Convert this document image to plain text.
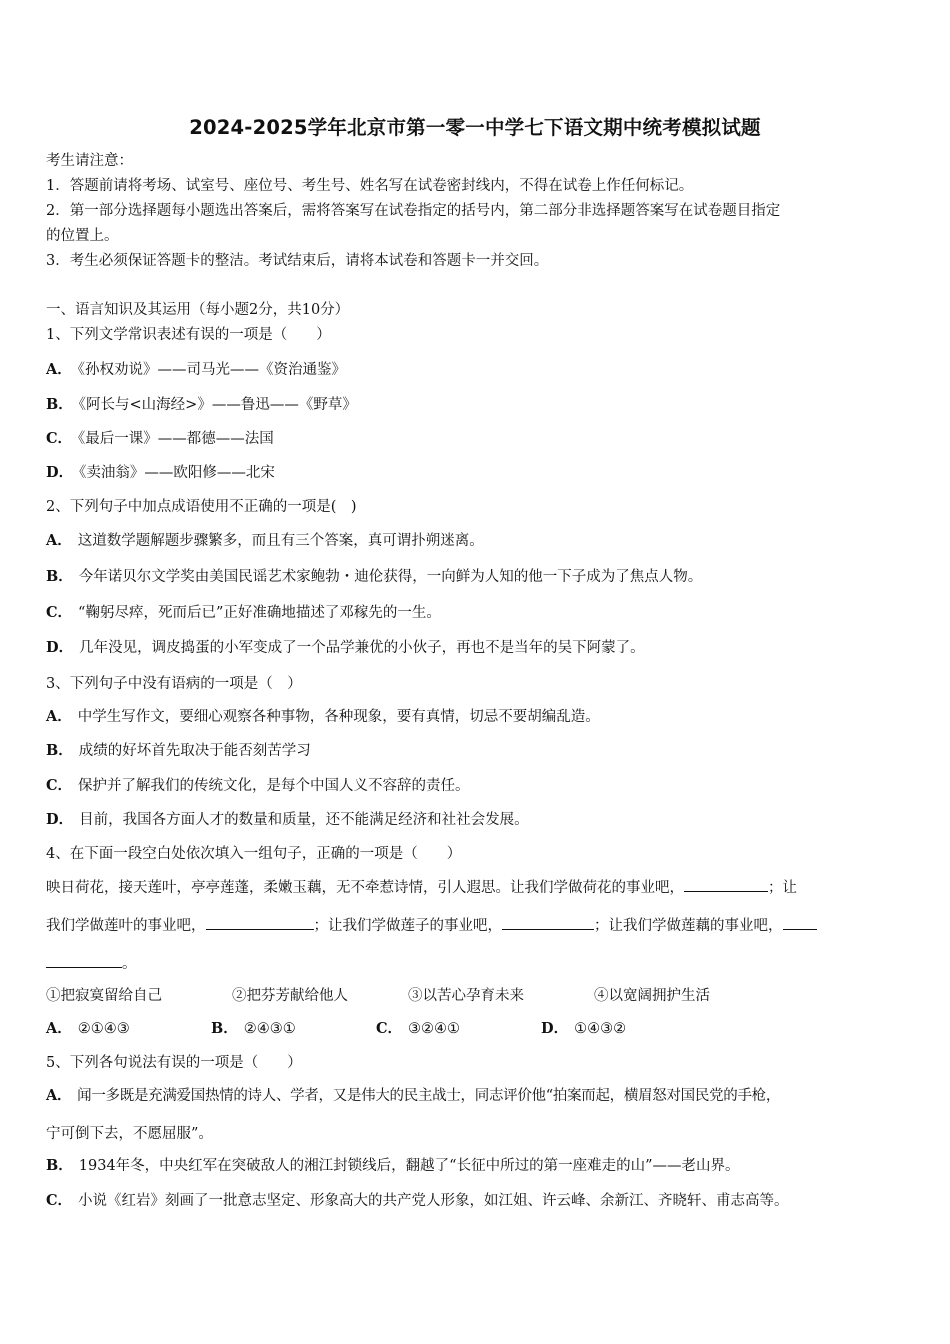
2024-2025学年北京市第一零一中学七下语文期中统考模拟试题
考生请注意：
1．答题前请将考场、试室号、座位号、考生号、姓名写在试卷密封线内，不得在试卷上作任何标记。
2．第一部分选择题每小题选出答案后，需将答案写在试卷指定的括号内，第二部分非选择题答案写在试卷题目指定
的位置上。
3．考生必须保证答题卡的整洁。考试结束后，请将本试卷和答题卡一并交回。
一、语言知识及其运用（每小题2分，共10分）
1、下列文学常识表述有误的一项是（　　）
A． 《孙权劝说》——司马光——《资治通鉴》
B． 《阿长与<山海经>》——鲁迅——《野草》
C． 《最后一课》——都德——法国
D． 《卖油翁》——欧阳修——北宋
2、下列句子中加点成语使用不正确的一项是(　)
A． 这道数学题解题步骤繁多，而且有三个答案，真可谓扑朔迷离。
B． 今年诺贝尔文学奖由美国民谣艺术家鲍勃・迪伦获得，一向鲜为人知的他一下子成为了焦点人物。
C． “鞠躬尽瘁，死而后已”正好准确地描述了邓稼先的一生。
D． 几年没见，调皮捣蛋的小军变成了一个品学兼优的小伙子，再也不是当年的吴下阿蒙了。
3、下列句子中没有语病的一项是（　）
A． 中学生写作文，要细心观察各种事物，各种现象，要有真情，切忌不要胡编乱造。
B． 成绩的好坏首先取决于能否刻苦学习
C． 保护并了解我们的传统文化，是每个中国人义不容辞的责任。
D． 目前，我国各方面人才的数量和质量，还不能满足经济和社社会发展。
4、在下面一段空白处依次填入一组句子，正确的一项是（　　）
映日荷花，接天莲叶，亭亭莲蓬，柔嫩玉藕，无不牵惹诗情，引人遐思。让我们学做荷花的事业吧，	；让
我们学做莲叶的事业吧，	；让我们学做莲子的事业吧，	；让我们学做莲藕的事业吧，
。
①把寂寞留给自己	②把芬芳献给他人	③以苦心孕育未来	④以宽阔拥护生活
A． ②①④③	B． ②④③①	C． ③②④①	D． ①④③②
5、下列各句说法有误的一项是（　　）
A． 闻一多既是充满爱国热情的诗人、学者，又是伟大的民主战士，同志评价他“拍案而起，横眉怒对国民党的手枪，
宁可倒下去，不愿屈服”。
B． 1934年冬，中央红军在突破敌人的湘江封锁线后，翻越了“长征中所过的第一座难走的山”——老山界。
C． 小说《红岩》刻画了一批意志坚定、形象高大的共产党人形象，如江姐、许云峰、余新江、齐晓轩、甫志高等。
